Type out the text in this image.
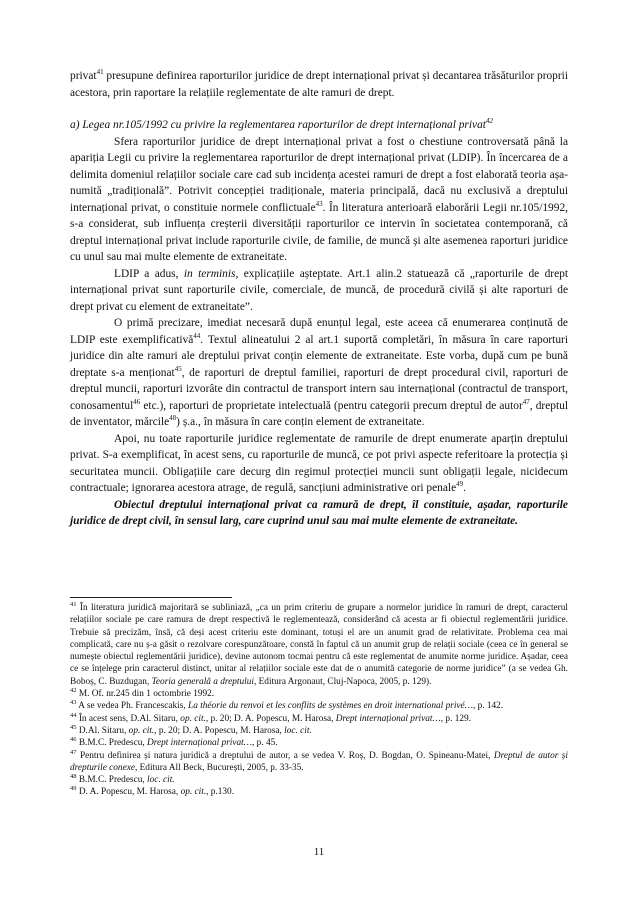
privat$^{41}$ presupune definirea raporturilor juridice de drept internațional privat și decantarea trăsăturilor proprii acestora, prin raportare la relațiile reglementate de alte ramuri de drept.

a) Legea nr.105/1992 cu privire la reglementarea raporturilor de drept internațional privat$^{42}$

Sfera raporturilor juridice de drept internațional privat a fost o chestiune controversată până la apariția Legii cu privire la reglementarea raporturilor de drept internațional privat (LDIP). În încercarea de a delimita domeniul relațiilor sociale care cad sub incidența acestei ramuri de drept a fost elaborată teoria așa-numită „tradițională”. Potrivit concepției tradiționale, materia principală, dacă nu exclusivă a dreptului internațional privat, o constituie normele conflictuale$^{43}$. În literatura anterioară elaborării Legii nr.105/1992, s-a considerat, sub influența creșterii diversității raporturilor ce intervin în societatea contemporană, că dreptul internațional privat include raporturile civile, de familie, de muncă și alte asemenea raporturi juridice cu unul sau mai multe elemente de extraneitate.

LDIP a adus, in terminis, explicațiile așteptate. Art.1 alin.2 statuează că „raporturile de drept internațional privat sunt raporturile civile, comerciale, de muncă, de procedură civilă și alte raporturi de drept privat cu element de extraneitate”.

O primă precizare, imediat necesară după enunțul legal, este aceea că enumerarea conținută de LDIP este exemplificativă$^{44}$. Textul alineatului 2 al art.1 suportă completări, în măsura în care raporturi juridice din alte ramuri ale dreptului privat conțin elemente de extraneitate. Este vorba, după cum pe bună dreptate s-a menționat$^{45}$, de raporturi de dreptul familiei, raporturi de drept procedural civil, raporturi de dreptul muncii, raporturi izvorâte din contractul de transport intern sau internațional (contractul de transport, conosamentul$^{46}$ etc.), raporturi de proprietate intelectuală (pentru categorii precum dreptul de autor$^{47}$, dreptul de inventator, mărcile$^{48}$) ș.a., în măsura în care conțin element de extraneitate.

Apoi, nu toate raporturile juridice reglementate de ramurile de drept enumerate aparțin dreptului privat. S-a exemplificat, în acest sens, cu raporturile de muncă, ce pot privi aspecte referitoare la protecția și securitatea muncii. Obligațiile care decurg din regimul protecției muncii sunt obligații legale, nicidecum contractuale; ignorarea acestora atrage, de regulă, sancțiuni administrative ori penale$^{49}$.

Obiectul dreptului internațional privat ca ramură de drept, îl constituie, așadar, raporturile juridice de drept civil, în sensul larg, care cuprind unul sau mai multe elemente de extraneitate.

$^{41}$ În literatura juridică majoritară se subliniază, „ca un prim criteriu de grupare a normelor juridice în ramuri de drept, caracterul relațiilor sociale pe care ramura de drept respectivă le reglementează, considerând că acesta ar fi obiectul reglementării juridice. Trebuie să precizăm, însă, că deși acest criteriu este dominant, totuși el are un anumit grad de relativitate. Problema cea mai complicată, care nu ș-a găsit o rezolvare corespunzătoare, constă în faptul că un anumit grup de relații sociale (ceea ce în general se numește obiectul reglementării juridice), devine autonom tocmai pentru că este reglementat de anumite norme juridice. Așadar, ceea ce se înțelege prin caracterul distinct, unitar al relațiilor sociale este dat de o anumită categorie de norme juridice” (a se vedea Gh. Boboș, C. Buzdugan, Teoria generală a dreptului, Editura Argonaut, Cluj-Napoca, 2005, p. 129).

$^{42}$ M. Of. nr.245 din 1 octombrie 1992.

$^{43}$ A se vedea Ph. Francescakis, La théorie du renvoi et les conflits de systèmes en droit international privé…, p. 142.

$^{44}$ În acest sens, D.Al. Sitaru, op. cit., p. 20; D. A. Popescu, M. Harosa, Drept internațional privat…, p. 129.

$^{45}$ D.Al. Sitaru, op. cit., p. 20; D. A. Popescu, M. Harosa, loc. cit.

$^{46}$ B.M.C. Predescu, Drept internațional privat…, p. 45.

$^{47}$ Pentru definirea și natura juridică a dreptului de autor, a se vedea V. Roș, D. Bogdan, O. Spineanu-Matei, Dreptul de autor și drepturile conexe, Editura All Beck, București, 2005, p. 33-35.

$^{48}$ B.M.C. Predescu, loc. cit.

$^{49}$ D. A. Popescu, M. Harosa, op. cit., p.130.

11
